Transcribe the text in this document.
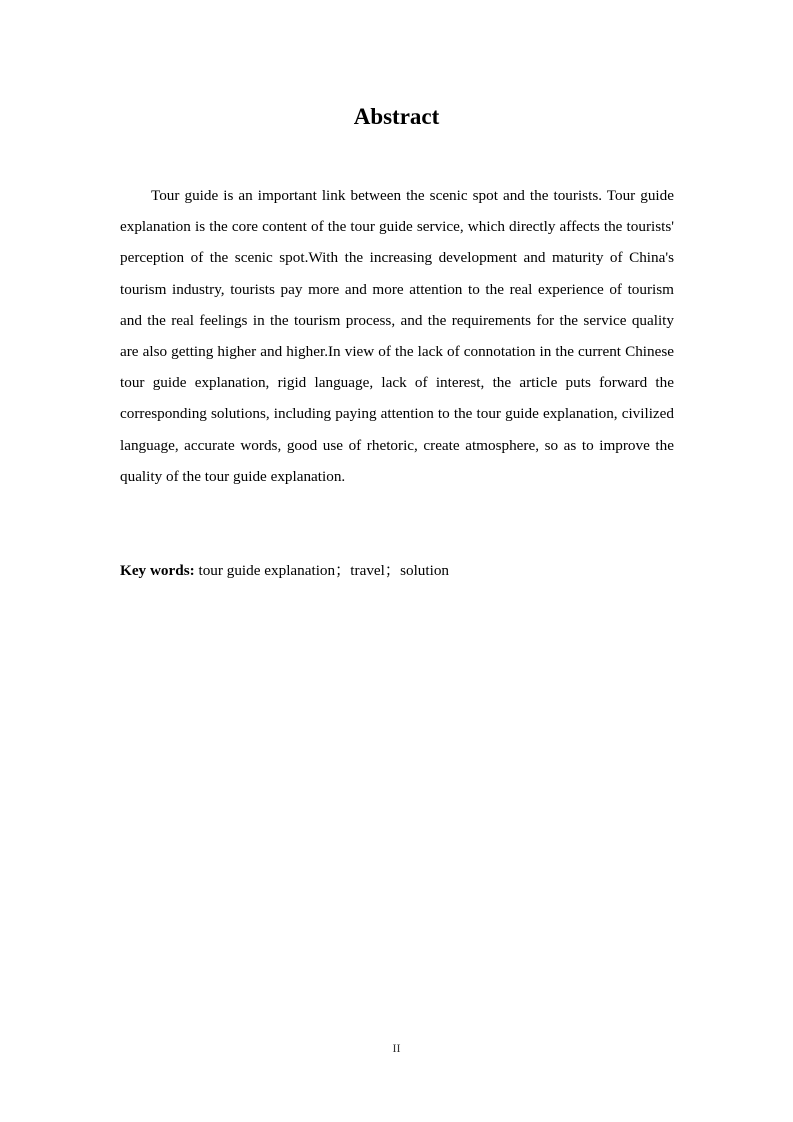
Abstract

Tour guide is an important link between the scenic spot and the tourists. Tour guide explanation is the core content of the tour guide service, which directly affects the tourists' perception of the scenic spot.With the increasing development and maturity of China's tourism industry, tourists pay more and more attention to the real experience of tourism and the real feelings in the tourism process, and the requirements for the service quality are also getting higher and higher.In view of the lack of connotation in the current Chinese tour guide explanation, rigid language, lack of interest, the article puts forward the corresponding solutions, including paying attention to the tour guide explanation, civilized language, accurate words, good use of rhetoric, create atmosphere, so as to improve the quality of the tour guide explanation.

Key words: tour guide explanation；travel；solution

II
